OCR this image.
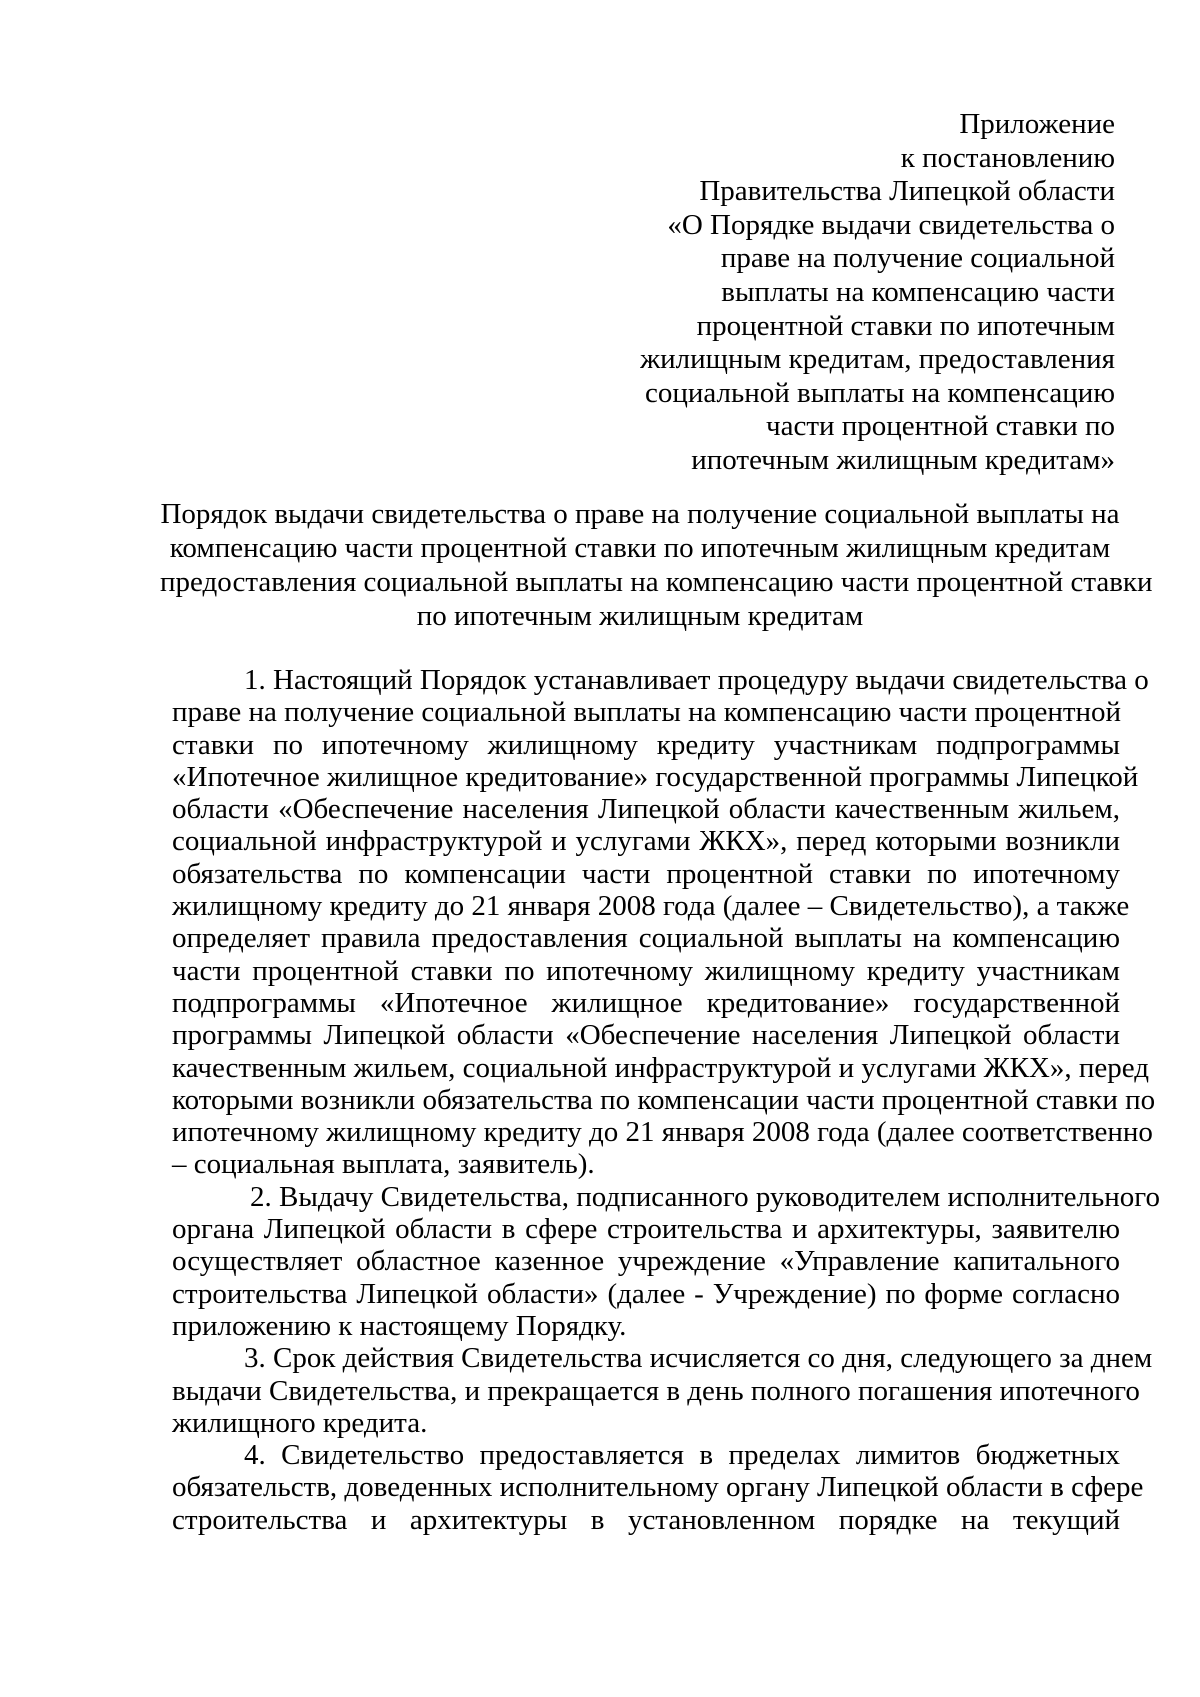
Приложение
к постановлению
Правительства Липецкой области
«О Порядке выдачи свидетельства о
праве на получение социальной
выплаты на компенсацию части
процентной ставки по ипотечным
жилищным кредитам, предоставления
социальной выплаты на компенсацию
части процентной ставки по
ипотечным жилищным кредитам»
Порядок выдачи свидетельства о праве на получение социальной выплаты на
компенсацию части процентной ставки по ипотечным жилищным кредитам
предоставления социальной выплаты на компенсацию части процентной ставки
по ипотечным жилищным кредитам
1. Настоящий Порядок устанавливает процедуру выдачи свидетельства о
праве на получение социальной выплаты на компенсацию части процентной
ставки по ипотечному жилищному кредиту участникам подпрограммы
«Ипотечное жилищное кредитование» государственной программы Липецкой
области «Обеспечение населения Липецкой области качественным жильем,
социальной инфраструктурой и услугами ЖКХ», перед которыми возникли
обязательства по компенсации части процентной ставки по ипотечному
жилищному кредиту до 21 января 2008 года (далее – Свидетельство), а также
определяет правила предоставления социальной выплаты на компенсацию
части процентной ставки по ипотечному жилищному кредиту участникам
подпрограммы «Ипотечное жилищное кредитование» государственной
программы Липецкой области «Обеспечение населения Липецкой области
качественным жильем, социальной инфраструктурой и услугами ЖКХ», перед
которыми возникли обязательства по компенсации части процентной ставки по
ипотечному жилищному кредиту до 21 января 2008 года (далее соответственно
– социальная выплата, заявитель).
2. Выдачу Свидетельства, подписанного руководителем исполнительного
органа Липецкой области в сфере строительства и архитектуры, заявителю
осуществляет областное казенное учреждение «Управление капитального
строительства Липецкой области» (далее - Учреждение) по форме согласно
приложению к настоящему Порядку.
3. Срок действия Свидетельства исчисляется со дня, следующего за днем
выдачи Свидетельства, и прекращается в день полного погашения ипотечного
жилищного кредита.
4. Свидетельство предоставляется в пределах лимитов бюджетных
обязательств, доведенных исполнительному органу Липецкой области в сфере
строительства и архитектуры в установленном порядке на текущий
